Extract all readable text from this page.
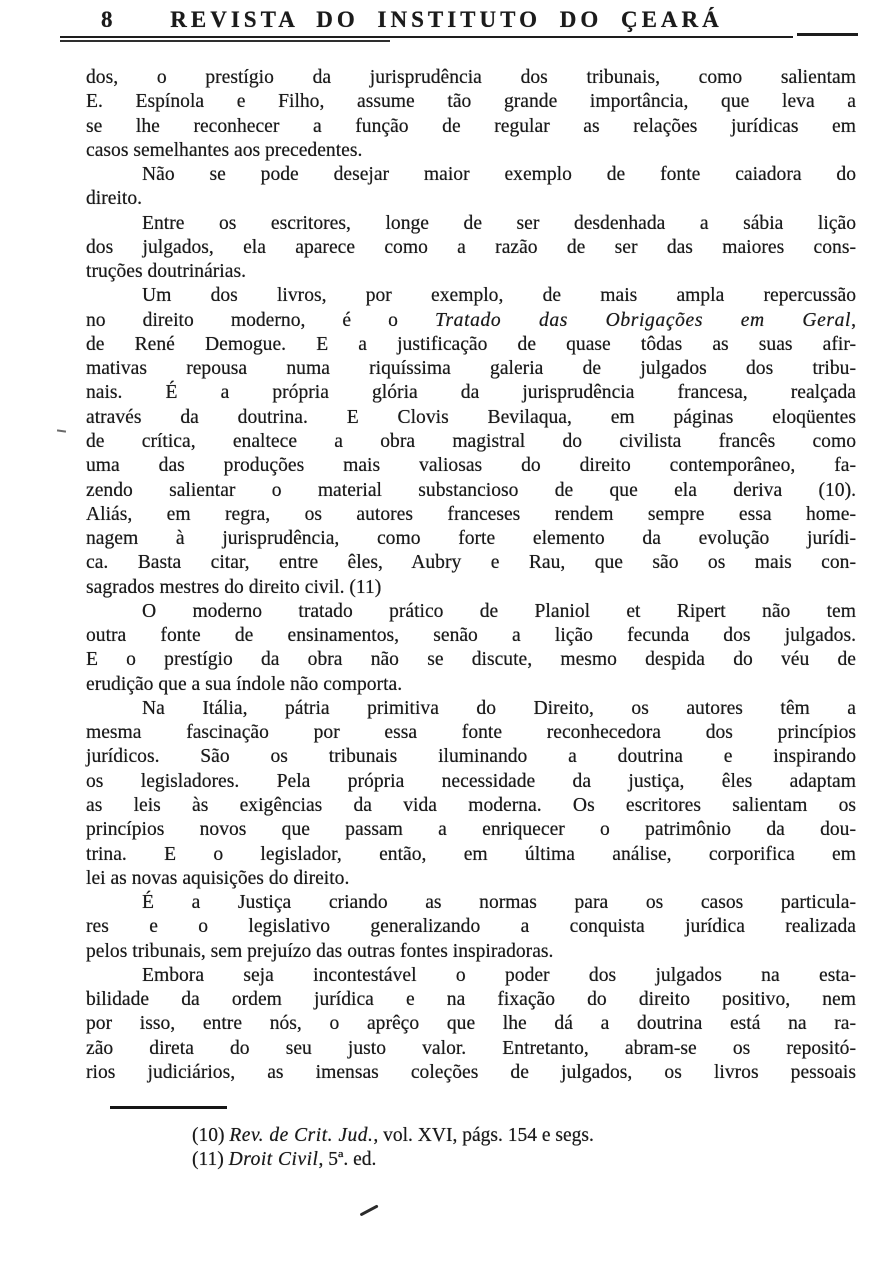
8	REVISTA DO INSTITUTO DO ÇEARÁ
dos, o prestígio da jurisprudência dos tribunais, como salientam
E. Espínola e Filho, assume tão grande importância, que leva a
se lhe reconhecer a função de regular as relações jurídicas em
casos semelhantes aos precedentes.
Não se pode desejar maior exemplo de fonte caiadora do
direito.
Entre os escritores, longe de ser desdenhada a sábia lição
dos julgados, ela aparece como a razão de ser das maiores cons-
truções doutrinárias.
Um dos livros, por exemplo, de mais ampla repercussão
no direito moderno, é o Tratado das Obrigações em Geral,
de René Demogue. E a justificação de quase tôdas as suas afir-
mativas repousa numa riquíssima galeria de julgados dos tribu-
nais. É a própria glória da jurisprudência francesa, realçada
através da doutrina. E Clovis Bevilaqua, em páginas eloqüentes
de crítica, enaltece a obra magistral do civilista francês como
uma das produções mais valiosas do direito contemporâneo, fa-
zendo salientar o material substancioso de que ela deriva (10).
Aliás, em regra, os autores franceses rendem sempre essa home-
nagem à jurisprudência, como forte elemento da evolução jurídi-
ca. Basta citar, entre êles, Aubry e Rau, que são os mais con-
sagrados mestres do direito civil. (11)
O moderno tratado prático de Planiol et Ripert não tem
outra fonte de ensinamentos, senão a lição fecunda dos julgados.
E o prestígio da obra não se discute, mesmo despida do véu de
erudição que a sua índole não comporta.
Na Itália, pátria primitiva do Direito, os autores têm a
mesma fascinação por essa fonte reconhecedora dos princípios
jurídicos. São os tribunais iluminando a doutrina e inspirando
os legisladores. Pela própria necessidade da justiça, êles adaptam
as leis às exigências da vida moderna. Os escritores salientam os
princípios novos que passam a enriquecer o patrimônio da dou-
trina. E o legislador, então, em última análise, corporifica em
lei as novas aquisições do direito.
É a Justiça criando as normas para os casos particula-
res e o legislativo generalizando a conquista jurídica realizada
pelos tribunais, sem prejuízo das outras fontes inspiradoras.
Embora seja incontestável o poder dos julgados na esta-
bilidade da ordem jurídica e na fixação do direito positivo, nem
por isso, entre nós, o aprêço que lhe dá a doutrina está na ra-
zão direta do seu justo valor. Entretanto, abram-se os repositó-
rios judiciários, as imensas coleções de julgados, os livros pessoais
(10) Rev. de Crit. Jud., vol. XVI, págs. 154 e segs.
(11) Droit Civil, 5ª. ed.
